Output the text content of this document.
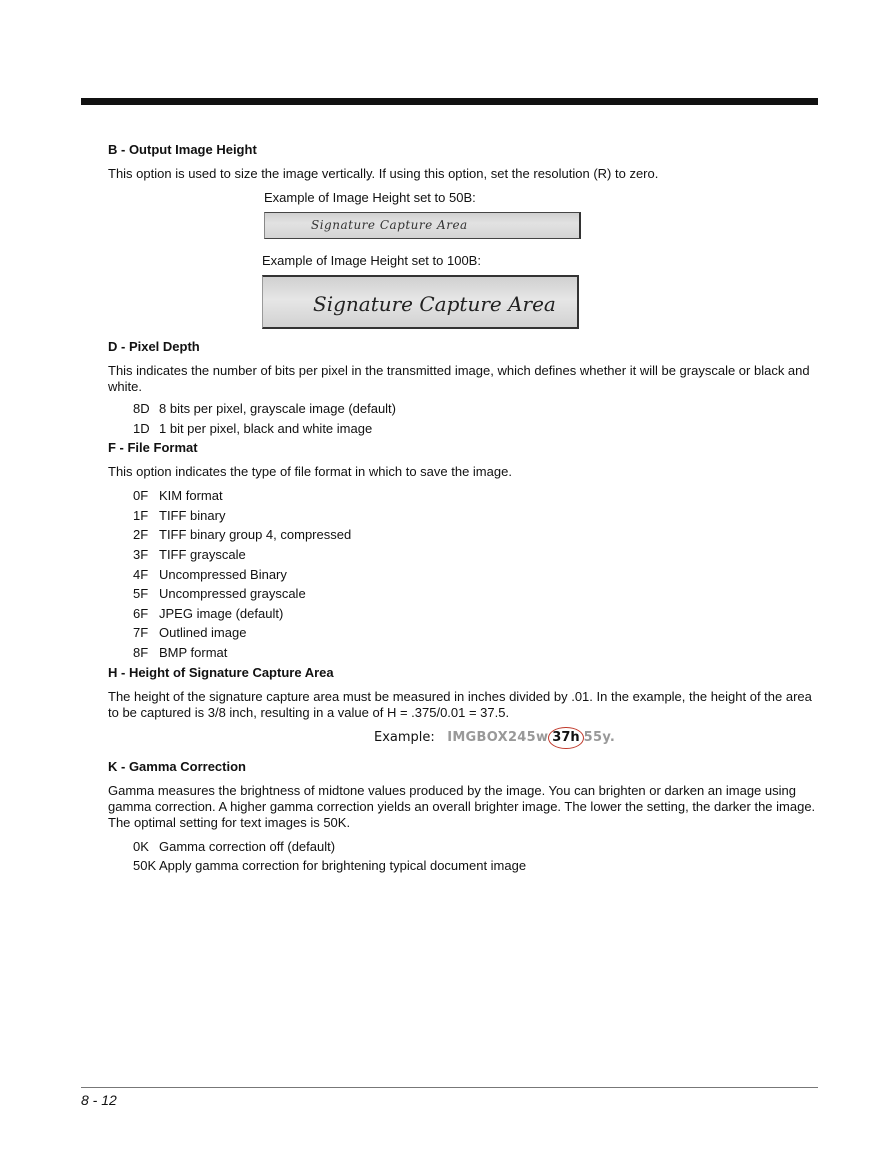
B - Output Image Height

This option is used to size the image vertically. If using this option, set the resolution (R) to zero.

Example of Image Height set to 50B:

Signature Capture Area

Example of Image Height set to 100B:

Signature Capture Area
D - Pixel Depth

This indicates the number of bits per pixel in the transmitted image, which defines whether it will be grayscale or black and white.

8D 8 bits per pixel, grayscale image (default)
1D 1 bit per pixel, black and white image
F - File Format

This option indicates the type of file format in which to save the image.

0F KIM format
1F TIFF binary
2F TIFF binary group 4, compressed
3F TIFF grayscale
4F Uncompressed Binary
5F Uncompressed grayscale
6F JPEG image (default)
7F Outlined image
8F BMP format
H - Height of Signature Capture Area

The height of the signature capture area must be measured in inches divided by .01. In the example, the height of the area to be captured is 3/8 inch, resulting in a value of H = .375/0.01 = 37.5.

Example: IMGBOX245w 37h 55y.
K - Gamma Correction

Gamma measures the brightness of midtone values produced by the image. You can brighten or darken an image using gamma correction. A higher gamma correction yields an overall brighter image. The lower the setting, the darker the image. The optimal setting for text images is 50K.

0K Gamma correction off (default)
50K Apply gamma correction for brightening typical document image
8 - 12
